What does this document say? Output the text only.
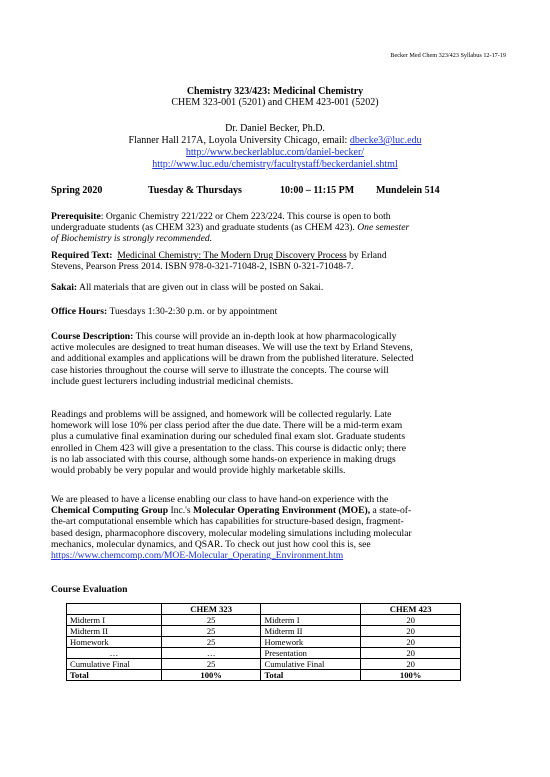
Becker Med Chem 323/423 Syllabus 12-17-19
Chemistry 323/423: Medicinal Chemistry
CHEM 323-001 (5201) and CHEM 423-001 (5202)
Dr. Daniel Becker, Ph.D.
Flanner Hall 217A, Loyola University Chicago, email: dbecke3@luc.edu
http://www.beckerlabluc.com/daniel-becker/
http://www.luc.edu/chemistry/facultystaff/beckerdaniel.shtml
Spring 2020	Tuesday & Thursdays	10:00 – 11:15 PM Mundelein 514
Prerequisite: Organic Chemistry 221/222 or Chem 223/224. This course is open to both
undergraduate students (as CHEM 323) and graduate students (as CHEM 423). One semester
of Biochemistry is strongly recommended.
Required Text: Medicinal Chemistry: The Modern Drug Discovery Process by Erland
Stevens, Pearson Press 2014. ISBN 978-0-321-71048-2, ISBN 0-321-71048-7.
Sakai: All materials that are given out in class will be posted on Sakai.
Office Hours: Tuesdays 1:30-2:30 p.m. or by appointment
Course Description: This course will provide an in-depth look at how pharmacologically
active molecules are designed to treat human diseases. We will use the text by Erland Stevens,
and additional examples and applications will be drawn from the published literature. Selected
case histories throughout the course will serve to illustrate the concepts. The course will
include guest lecturers including industrial medicinal chemists.
Readings and problems will be assigned, and homework will be collected regularly. Late
homework will lose 10% per class period after the due date. There will be a mid-term exam
plus a cumulative final examination during our scheduled final exam slot. Graduate students
enrolled in Chem 423 will give a presentation to the class. This course is didactic only; there
is no lab associated with this course, although some hands-on experience in making drugs
would probably be very popular and would provide highly marketable skills.
We are pleased to have a license enabling our class to have hand-on experience with the
Chemical Computing Group Inc.'s Molecular Operating Environment (MOE), a state-of-
the-art computational ensemble which has capabilities for structure-based design, fragment-
based design, pharmacophore discovery, molecular modeling simulations including molecular
mechanics, molecular dynamics, and QSAR. To check out just how cool this is, see
https://www.chemcomp.com/MOE-Molecular_Operating_Environment.htm
Course Evaluation
	CHEM 323		CHEM 423
Midterm I	25	Midterm I	20
Midterm II	25	Midterm II	20
Homework	25	Homework	20
…	…	Presentation	20
Cumulative Final	25	Cumulative Final	20
Total	100%	Total	100%
